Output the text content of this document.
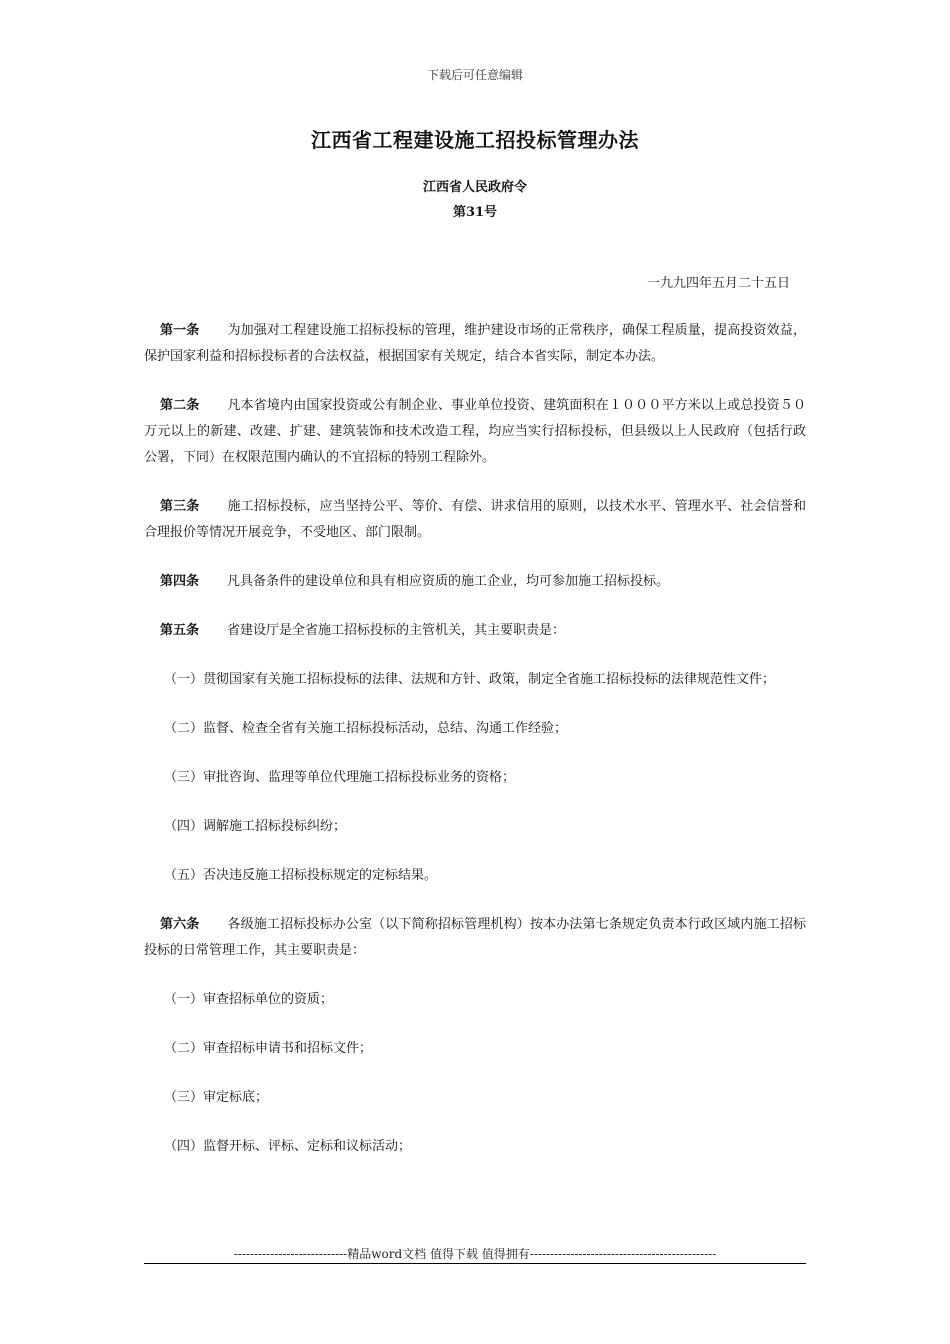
下载后可任意编辑
江西省工程建设施工招投标管理办法
江西省人民政府令
第31号
一九九四年五月二十五日

第一条 为加强对工程建设施工招标投标的管理，维护建设市场的正常秩序，确保工程质量，提高投资效益，保护国家利益和招标投标者的合法权益，根据国家有关规定，结合本省实际，制定本办法。

第二条 凡本省境内由国家投资或公有制企业、事业单位投资、建筑面积在１０００平方米以上或总投资５０万元以上的新建、改建、扩建、建筑装饰和技术改造工程，均应当实行招标投标，但县级以上人民政府（包括行政公署，下同）在权限范围内确认的不宜招标的特别工程除外。

第三条 施工招标投标，应当坚持公平、等价、有偿、讲求信用的原则，以技术水平、管理水平、社会信誉和合理报价等情况开展竞争，不受地区、部门限制。

第四条 凡具备条件的建设单位和具有相应资质的施工企业，均可参加施工招标投标。

第五条 省建设厅是全省施工招标投标的主管机关，其主要职责是：

（一）贯彻国家有关施工招标投标的法律、法规和方针、政策，制定全省施工招标投标的法律规范性文件；

（二）监督、检查全省有关施工招标投标活动，总结、沟通工作经验；

（三）审批咨询、监理等单位代理施工招标投标业务的资格；

（四）调解施工招标投标纠纷；

（五）否决违反施工招标投标规定的定标结果。

第六条 各级施工招标投标办公室（以下简称招标管理机构）按本办法第七条规定负责本行政区域内施工招标投标的日常管理工作，其主要职责是：

（一）审查招标单位的资质；

（二）审查招标申请书和招标文件；

（三）审定标底；

（四）监督开标、评标、定标和议标活动；

----------------------------精品word文档 值得下载 值得拥有----------------------------------------------
